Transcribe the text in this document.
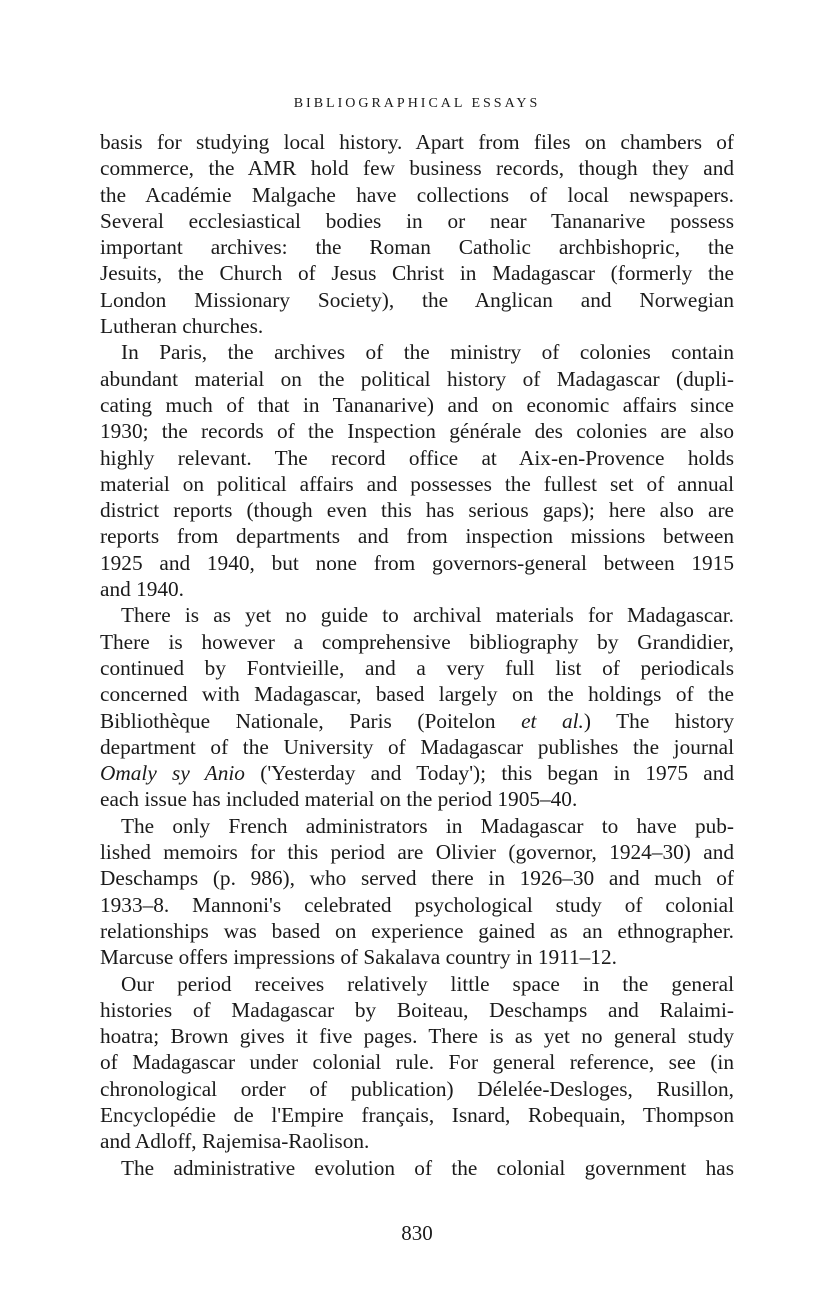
BIBLIOGRAPHICAL ESSAYS
basis for studying local history. Apart from files on chambers of
commerce, the AMR hold few business records, though they and
the Académie Malgache have collections of local newspapers.
Several ecclesiastical bodies in or near Tananarive possess
important archives: the Roman Catholic archbishopric, the
Jesuits, the Church of Jesus Christ in Madagascar (formerly the
London Missionary Society), the Anglican and Norwegian
Lutheran churches.
In Paris, the archives of the ministry of colonies contain
abundant material on the political history of Madagascar (dupli-
cating much of that in Tananarive) and on economic affairs since
1930; the records of the Inspection générale des colonies are also
highly relevant. The record office at Aix-en-Provence holds
material on political affairs and possesses the fullest set of annual
district reports (though even this has serious gaps); here also are
reports from departments and from inspection missions between
1925 and 1940, but none from governors-general between 1915
and 1940.
There is as yet no guide to archival materials for Madagascar.
There is however a comprehensive bibliography by Grandidier,
continued by Fontvieille, and a very full list of periodicals
concerned with Madagascar, based largely on the holdings of the
Bibliothèque Nationale, Paris (Poitelon et al.) The history
department of the University of Madagascar publishes the journal
Omaly sy Anio ('Yesterday and Today'); this began in 1975 and
each issue has included material on the period 1905–40.
The only French administrators in Madagascar to have pub-
lished memoirs for this period are Olivier (governor, 1924–30) and
Deschamps (p. 986), who served there in 1926–30 and much of
1933–8. Mannoni's celebrated psychological study of colonial
relationships was based on experience gained as an ethnographer.
Marcuse offers impressions of Sakalava country in 1911–12.
Our period receives relatively little space in the general
histories of Madagascar by Boiteau, Deschamps and Ralaimi-
hoatra; Brown gives it five pages. There is as yet no general study
of Madagascar under colonial rule. For general reference, see (in
chronological order of publication) Délelée-Desloges, Rusillon,
Encyclopédie de l'Empire français, Isnard, Robequain, Thompson
and Adloff, Rajemisa-Raolison.
The administrative evolution of the colonial government has
830
